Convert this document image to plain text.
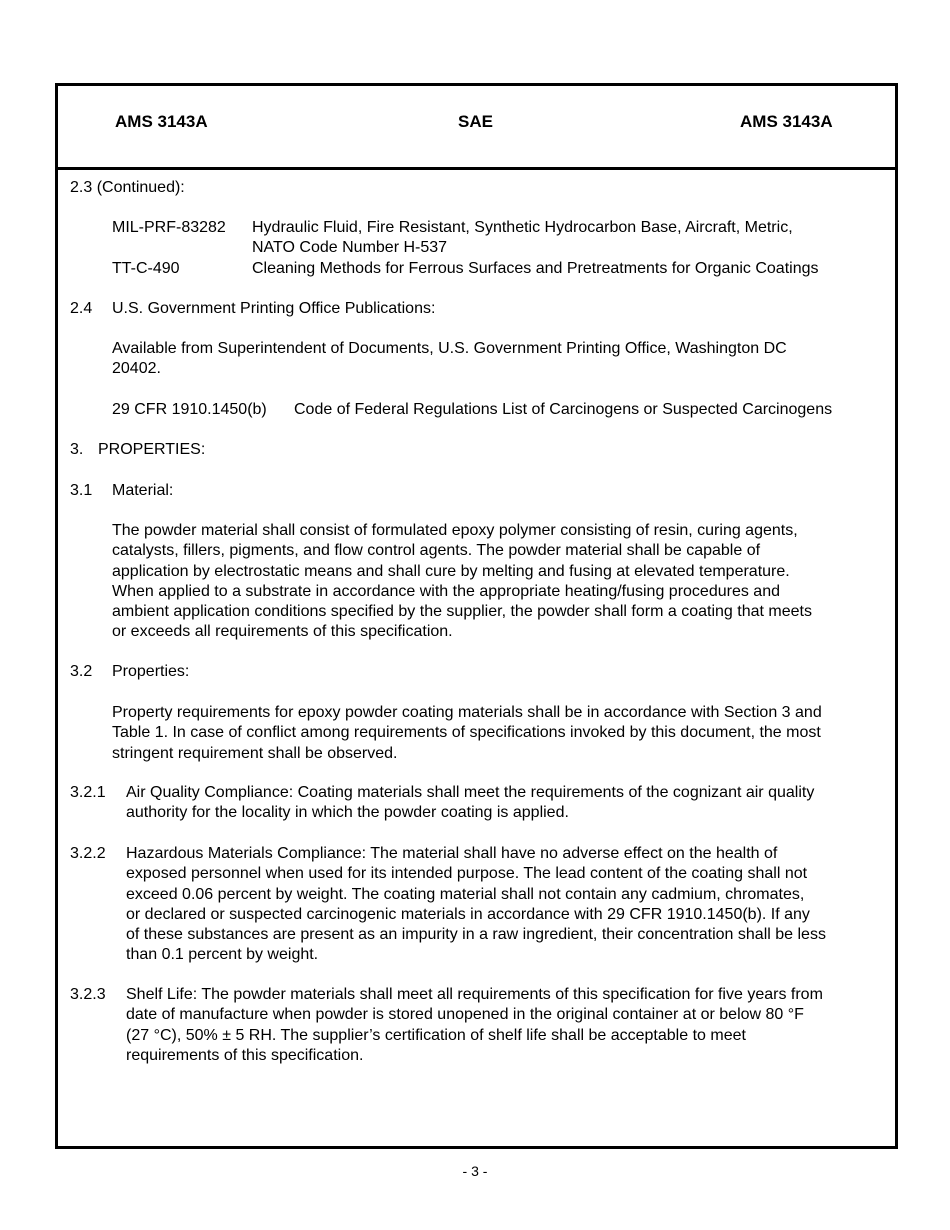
AMS 3143A	SAE	AMS 3143A
2.3 (Continued):
MIL-PRF-83282 Hydraulic Fluid, Fire Resistant, Synthetic Hydrocarbon Base, Aircraft, Metric,
NATO Code Number H-537
TT-C-490	Cleaning Methods for Ferrous Surfaces and Pretreatments for Organic Coatings
2.4 U.S. Government Printing Office Publications:
Available from Superintendent of Documents, U.S. Government Printing Office, Washington DC
20402.
29 CFR 1910.1450(b) Code of Federal Regulations List of Carcinogens or Suspected Carcinogens
3. PROPERTIES:
3.1 Material:
The powder material shall consist of formulated epoxy polymer consisting of resin, curing agents,
catalysts, fillers, pigments, and flow control agents. The powder material shall be capable of
application by electrostatic means and shall cure by melting and fusing at elevated temperature.
When applied to a substrate in accordance with the appropriate heating/fusing procedures and
ambient application conditions specified by the supplier, the powder shall form a coating that meets
or exceeds all requirements of this specification.
3.2 Properties:
Property requirements for epoxy powder coating materials shall be in accordance with Section 3 and
Table 1. In case of conflict among requirements of specifications invoked by this document, the most
stringent requirement shall be observed.
3.2.1 Air Quality Compliance: Coating materials shall meet the requirements of the cognizant air quality
authority for the locality in which the powder coating is applied.
3.2.2 Hazardous Materials Compliance: The material shall have no adverse effect on the health of
exposed personnel when used for its intended purpose. The lead content of the coating shall not
exceed 0.06 percent by weight. The coating material shall not contain any cadmium, chromates,
or declared or suspected carcinogenic materials in accordance with 29 CFR 1910.1450(b). If any
of these substances are present as an impurity in a raw ingredient, their concentration shall be less
than 0.1 percent by weight.
3.2.3 Shelf Life: The powder materials shall meet all requirements of this specification for five years from
date of manufacture when powder is stored unopened in the original container at or below 80 °F
(27 °C), 50% ± 5 RH. The supplier’s certification of shelf life shall be acceptable to meet
requirements of this specification.
- 3 -
